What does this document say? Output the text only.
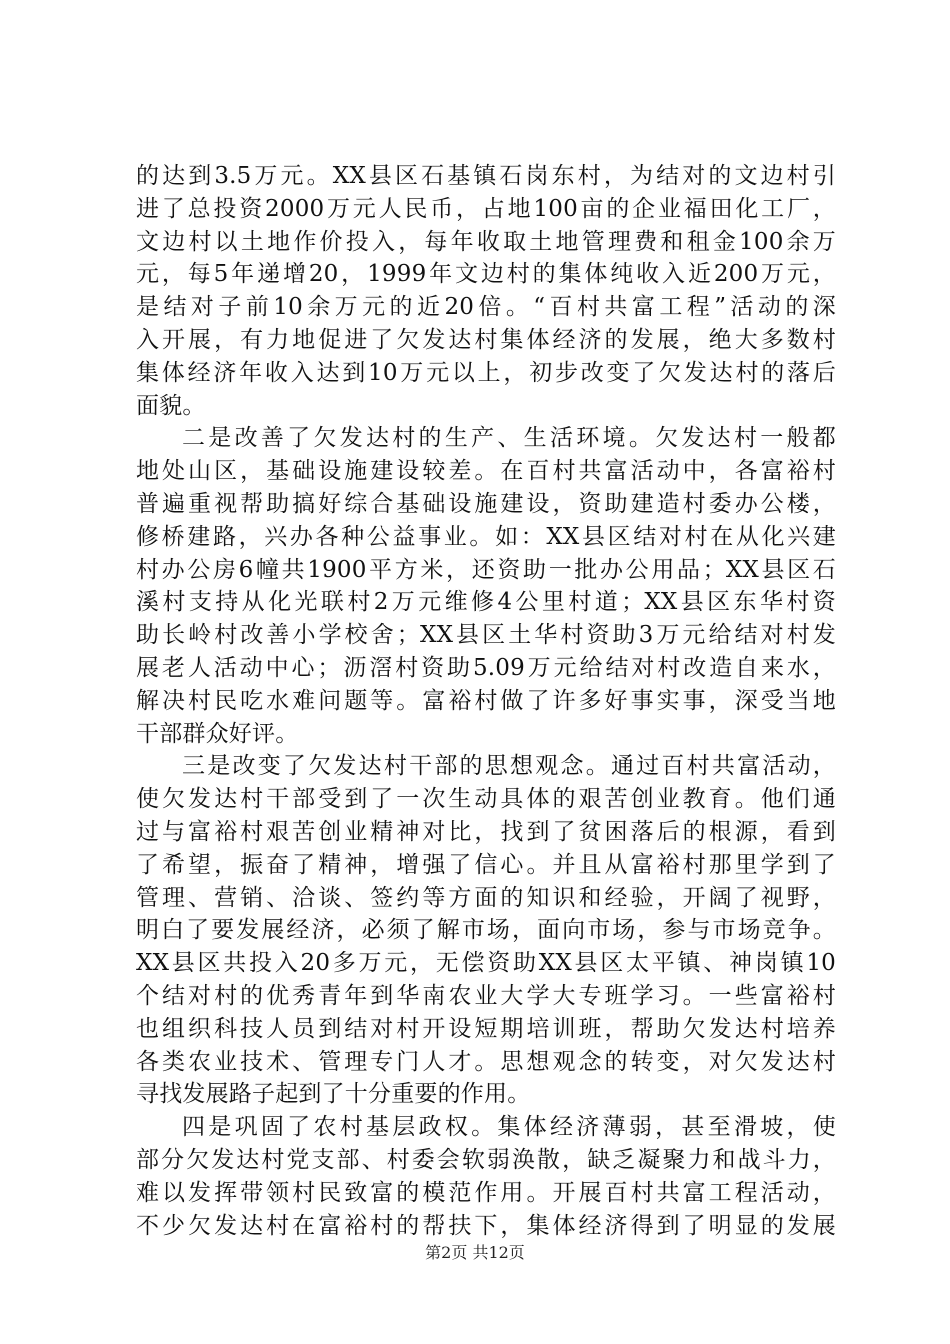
的达到3.5万元。XX县区石基镇石岗东村，为结对的文边村引
进了总投资2000万元人民币，占地100亩的企业福田化工厂，
文边村以土地作价投入，每年收取土地管理费和租金100余万
元，每5年递增20，1999年文边村的集体纯收入近200万元，
是结对子前10余万元的近20倍。“百村共富工程”活动的深
入开展，有力地促进了欠发达村集体经济的发展，绝大多数村
集体经济年收入达到10万元以上，初步改变了欠发达村的落后
面貌。
二是改善了欠发达村的生产、生活环境。欠发达村一般都
地处山区，基础设施建设较差。在百村共富活动中，各富裕村
普遍重视帮助搞好综合基础设施建设，资助建造村委办公楼，
修桥建路，兴办各种公益事业。如：XX县区结对村在从化兴建
村办公房6幢共1900平方米，还资助一批办公用品；XX县区石
溪村支持从化光联村2万元维修4公里村道；XX县区东华村资
助长岭村改善小学校舍；XX县区土华村资助3万元给结对村发
展老人活动中心；沥滘村资助5.09万元给结对村改造自来水，
解决村民吃水难问题等。富裕村做了许多好事实事，深受当地
干部群众好评。
三是改变了欠发达村干部的思想观念。通过百村共富活动，
使欠发达村干部受到了一次生动具体的艰苦创业教育。他们通
过与富裕村艰苦创业精神对比，找到了贫困落后的根源，看到
了希望，振奋了精神，增强了信心。并且从富裕村那里学到了
管理、营销、洽谈、签约等方面的知识和经验，开阔了视野，
明白了要发展经济，必须了解市场，面向市场，参与市场竞争。
XX县区共投入20多万元，无偿资助XX县区太平镇、神岗镇10
个结对村的优秀青年到华南农业大学大专班学习。一些富裕村
也组织科技人员到结对村开设短期培训班，帮助欠发达村培养
各类农业技术、管理专门人才。思想观念的转变，对欠发达村
寻找发展路子起到了十分重要的作用。
四是巩固了农村基层政权。集体经济薄弱，甚至滑坡，使
部分欠发达村党支部、村委会软弱涣散，缺乏凝聚力和战斗力，
难以发挥带领村民致富的模范作用。开展百村共富工程活动，
不少欠发达村在富裕村的帮扶下，集体经济得到了明显的发展
第2页 共12页
